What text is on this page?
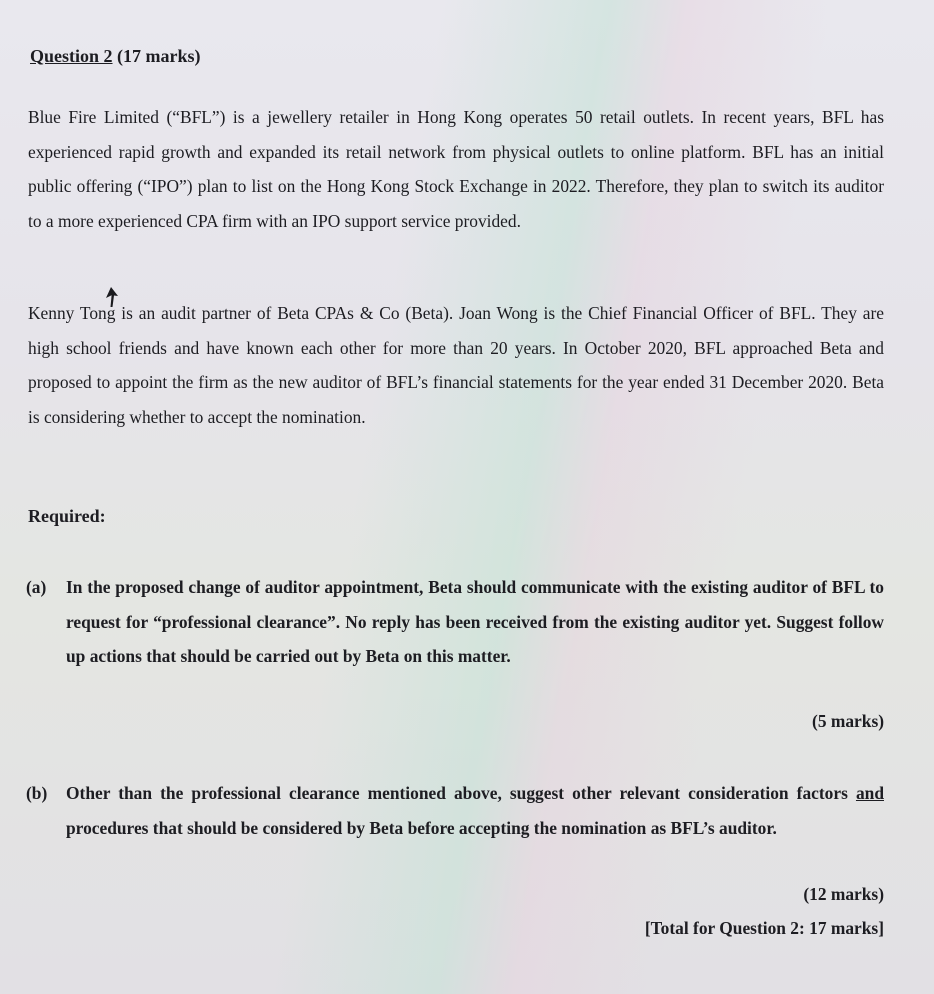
Question 2 (17 marks)

Blue Fire Limited (“BFL”) is a jewellery retailer in Hong Kong operates 50 retail outlets. In recent years, BFL has experienced rapid growth and expanded its retail network from physical outlets to online platform. BFL has an initial public offering (“IPO”) plan to list on the Hong Kong Stock Exchange in 2022. Therefore, they plan to switch its auditor to a more experienced CPA firm with an IPO support service provided.

Kenny Tong is an audit partner of Beta CPAs & Co (Beta). Joan Wong is the Chief Financial Officer of BFL. They are high school friends and have known each other for more than 20 years. In October 2020, BFL approached Beta and proposed to appoint the firm as the new auditor of BFL’s financial statements for the year ended 31 December 2020. Beta is considering whether to accept the nomination.

Required:
(a) In the proposed change of auditor appointment, Beta should communicate with the existing auditor of BFL to request for “professional clearance”. No reply has been received from the existing auditor yet. Suggest follow up actions that should be carried out by Beta on this matter.

(5 marks)

(b) Other than the professional clearance mentioned above, suggest other relevant consideration factors and procedures that should be considered by Beta before accepting the nomination as BFL’s auditor.

(12 marks)

[Total for Question 2: 17 marks]
